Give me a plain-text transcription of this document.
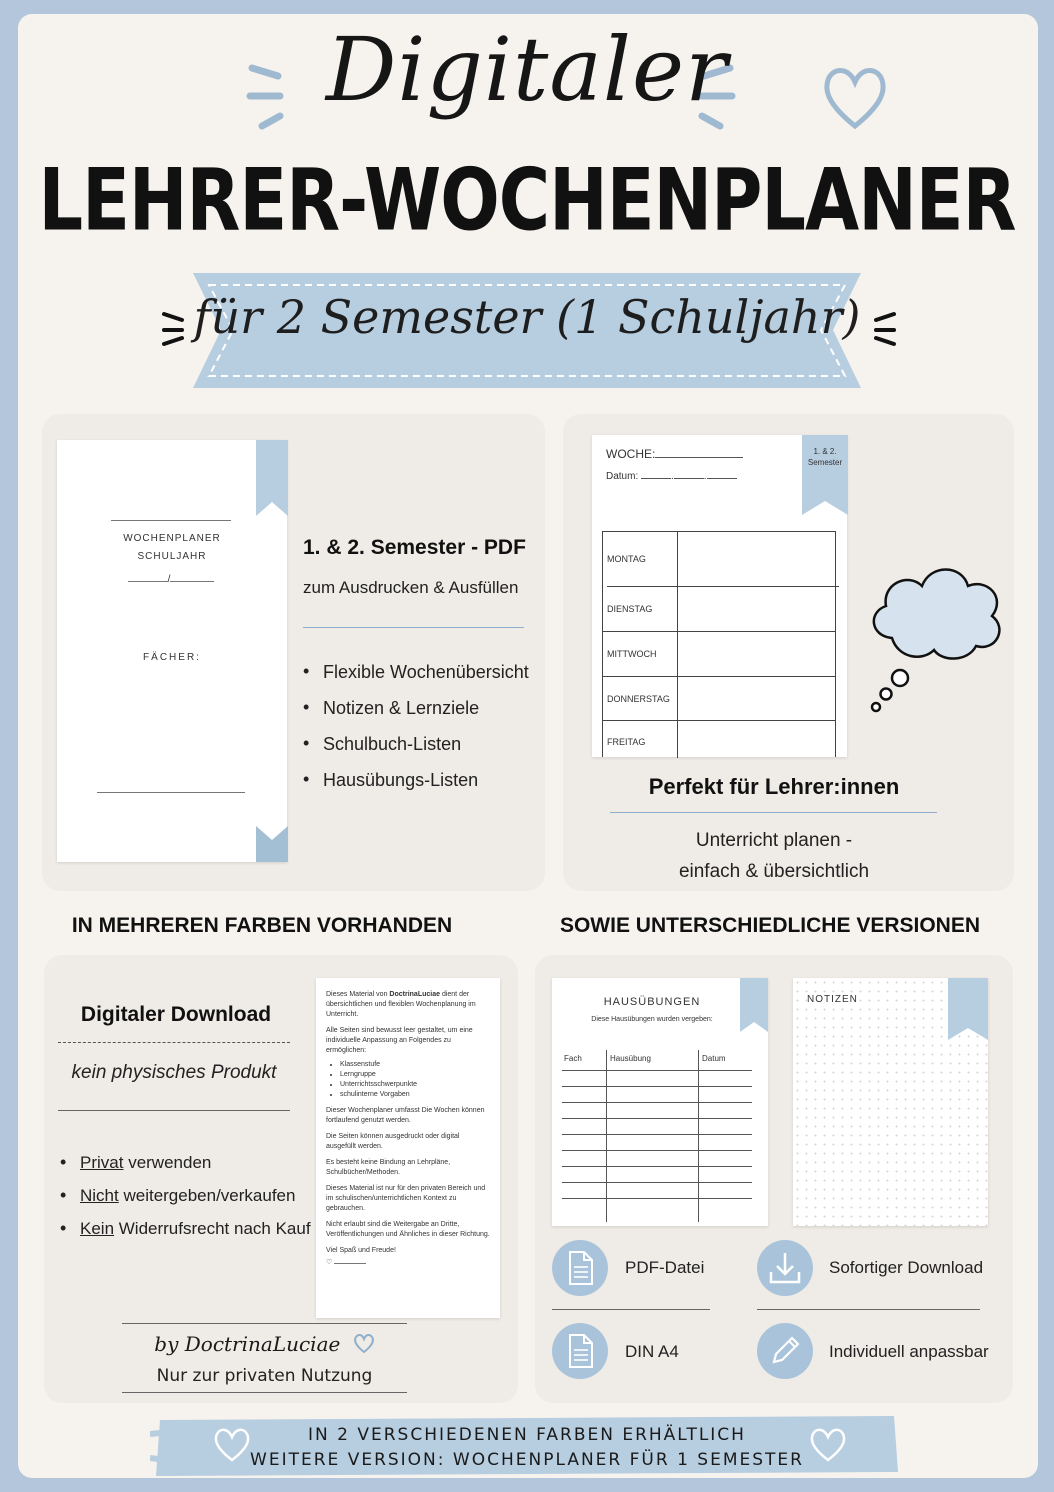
Digitaler
LEHRER-WOCHENPLANER
für 2 Semester (1 Schuljahr)
WOCHENPLANER
SCHULJAHR
/
FÄCHER:
1. & 2. Semester - PDF
zum Ausdrucken & Ausfüllen
• Flexible Wochenübersicht
• Notizen & Lernziele
• Schulbuch-Listen
• Hausübungs-Listen
WOCHE:
Datum:	.	.
MONTAG
DIENSTAG
MITTWOCH
DONNERSTAG
FREITAG
1. & 2. Semester
Perfekt für Lehrer:innen
Unterricht planen -
einfach & übersichtlich
IN MEHREREN FARBEN VORHANDEN	SOWIE UNTERSCHIEDLICHE VERSIONEN
Digitaler Download
kein physisches Produkt
• Privat verwenden
• Nicht weitergeben/verkaufen
• Kein Widerrufsrecht nach Kauf

Dieses Material von DoctrinaLuciae dient der übersichtlichen und flexiblen Wochenplanung im Unterricht.

Alle Seiten sind bewusst leer gestaltet, um eine individuelle Anpassung an Folgendes zu ermöglichen:

• Klassenstufe
• Lerngruppe
• Unterrichtsschwerpunkte
• schulinterne Vorgaben

Dieser Wochenplaner umfasst Die Wochen können fortlaufend genutzt werden.

Die Seiten können ausgedruckt oder digital ausgefüllt werden.

Es besteht keine Bindung an Lehrpläne, Schulbücher/Methoden.

Dieses Material ist nur für den privaten Bereich und im schulischen/unterrichtlichen Kontext zu gebrauchen.

Nicht erlaubt sind die Weitergabe an Dritte, Veröffentlichungen und Ähnliches in dieser Richtung.

Viel Spaß und Freude!

♡
by DoctrinaLuciae
Nur zur privaten Nutzung
HAUSÜBUNGEN
Diese Hausübungen wurden vergeben:
Fach	Hausübung	Datum
NOTIZEN
PDF-Datei	Sofortiger Download
DIN A4	Individuell anpassbar
IN 2 VERSCHIEDENEN FARBEN ERHÄLTLICH
WEITERE VERSION: WOCHENPLANER FÜR 1 SEMESTER
